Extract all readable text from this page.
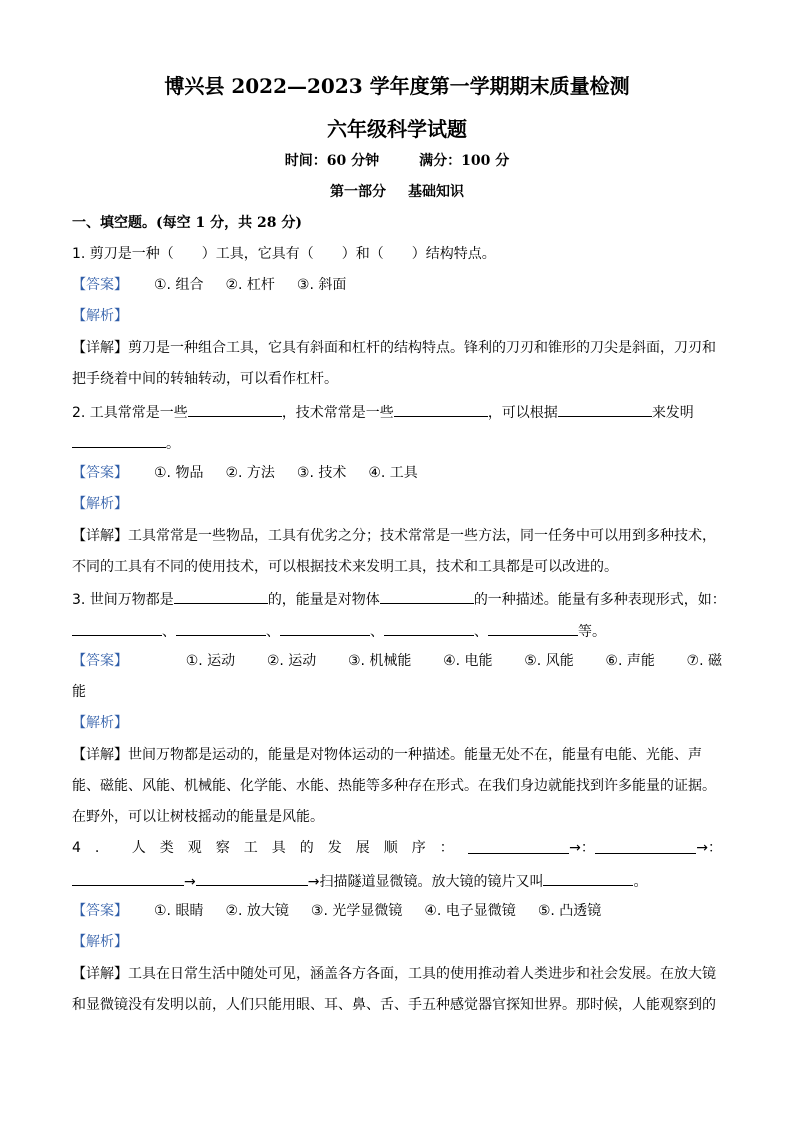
博兴县 2022—2023 学年度第一学期期末质量检测
六年级科学试题
时间：60 分钟	满分：100 分
第一部分 基础知识
一、填空题。(每空 1 分，共 28 分)
1. 剪刀是一种（　　）工具，它具有（　　）和（　　）结构特点。
【答案】 ①. 组合 ②. 杠杆 ③. 斜面
【解析】
【详解】剪刀是一种组合工具，它具有斜面和杠杆的结构特点。锋利的刀刃和锥形的刀尖是斜面，刀刃和
把手绕着中间的转轴转动，可以看作杠杆。
2. 工具常常是一些	，技术常常是一些	，可以根据	来发明
。
【答案】 ①. 物品 ②. 方法 ③. 技术 ④. 工具
【解析】
【详解】工具常常是一些物品，工具有优劣之分；技术常常是一些方法，同一任务中可以用到多种技术，
不同的工具有不同的使用技术，可以根据技术来发明工具，技术和工具都是可以改进的。
3. 世间万物都是	的，能量是对物体	的一种描述。能量有多种表现形式，如：
、	、	、	、	等。
【答案】	①. 运动 ②. 运动 ③. 机械能 ④. 电能 ⑤. 风能 ⑥. 声能 ⑦. 磁
能
【解析】
【详解】世间万物都是运动的，能量是对物体运动的一种描述。能量无处不在，能量有电能、光能、声
能、磁能、风能、机械能、化学能、水能、热能等多种存在形式。在我们身边就能找到许多能量的证据。
在野外，可以让树枝摇动的能量是风能。
4. 人类观察工具的发展顺序：	→：	→：
→	→扫描隧道显微镜。放大镜的镜片又叫	。
【答案】 ①. 眼睛 ②. 放大镜 ③. 光学显微镜 ④. 电子显微镜 ⑤. 凸透镜
【解析】
【详解】工具在日常生活中随处可见，涵盖各方各面，工具的使用推动着人类进步和社会发展。在放大镜
和显微镜没有发明以前，人们只能用眼、耳、鼻、舌、手五种感觉器官探知世界。那时候，人能观察到的
